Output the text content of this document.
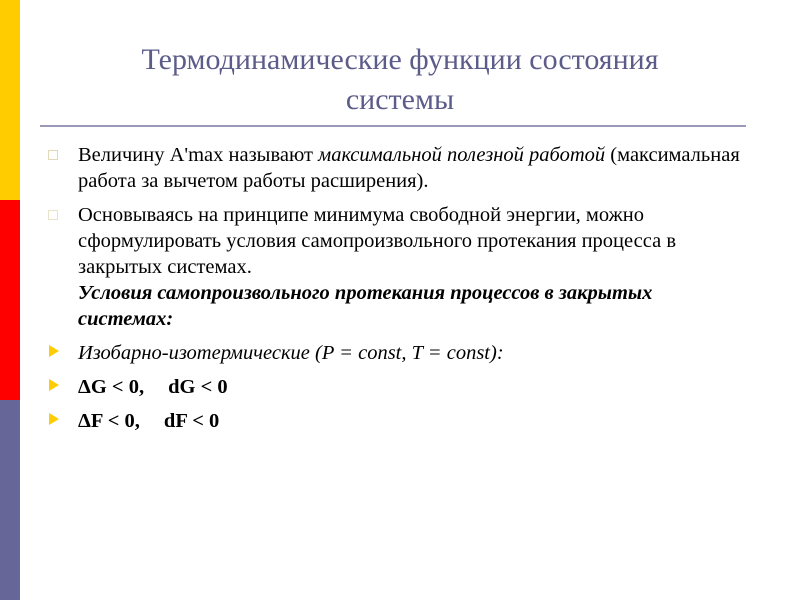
Термодинамические функции состояния
системы
Величину A'max называют максимальной полезной работой (максимальная работа за вычетом работы расширения).
Основываясь на принципе минимума свободной энергии, можно сформулировать условия самопроизвольного протекания процесса в закрытых системах.
Условия самопроизвольного протекания процессов в закрытых системах:
Изобарно-изотермические (P = const, T = const):
ΔG < 0, dG < 0
ΔF < 0, dF < 0
